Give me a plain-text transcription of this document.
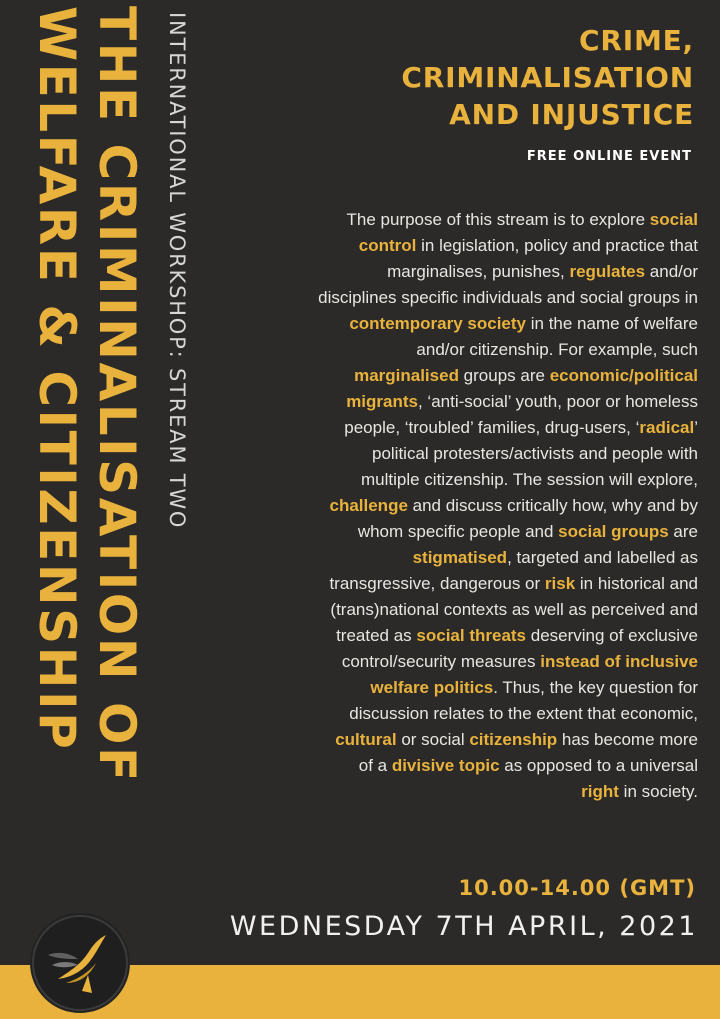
INTERNATIONAL WORKSHOP: STREAM TWO
THE CRIMINALISATION OF
WELFARE & CITIZENSHIP	CRIME,
CRIMINALISATION
AND INJUSTICE
FREE ONLINE EVENT
The purpose of this stream is to explore social
control in legislation, policy and practice that
marginalises, punishes, regulates and/or
disciplines specific individuals and social groups in
contemporary society in the name of welfare
and/or citizenship. For example, such
marginalised groups are economic/political
migrants, ‘anti-social’ youth, poor or homeless
people, ‘troubled’ families, drug-users, ‘radical’
political protesters/activists and people with
multiple citizenship. The session will explore,
challenge and discuss critically how, why and by
whom specific people and social groups are
stigmatised, targeted and labelled as
transgressive, dangerous or risk in historical and
(trans)national contexts as well as perceived and
treated as social threats deserving of exclusive
control/security measures instead of inclusive
welfare politics. Thus, the key question for
discussion relates to the extent that economic,
cultural or social citizenship has become more
of a divisive topic as opposed to a universal
right in society.
10.00-14.00 (GMT)
WEDNESDAY 7TH APRIL, 2021
